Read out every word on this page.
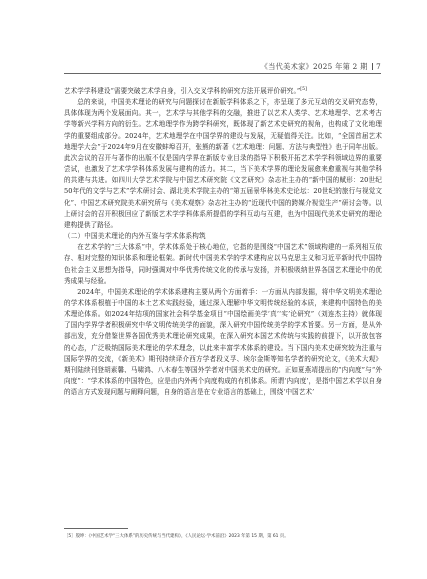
《当代美术家》2025 年第 2 期 7

艺术学学科建设“需要突破艺术学自身，引入交叉学科的研究方法开展评价研究。”[5]

总的来说，中国美术理论的研究与问题探讨在新版学科体系之下，亦呈现了多元互动的交叉研究态势，具体体现为两个发展面向。其一，艺术学与其他学科的交融，推进了以艺术人类学、艺术地理学、艺术考古学等新兴学科方向的衍生。艺术地理学作为跨学科研究，既体现了新艺术史研究的视角，也构成了文化地理学的重要组成部分。2024年，艺术地理学在中国学界的建设与发展，无疑值得关注。比如，“全国首届艺术地理学大会”于2024年9月在安徽蚌埠召开，张熊的新著《艺术地理：问题、方法与典型性》也于同年出版。此次会议的召开与著作的出版不仅是国内学界在新版专业目录的指导下积极开拓艺术学学科领域边界的重要尝试，也激发了艺术学学科体系发展与建构的活力。其二，当下美术学界的理论发展愈来愈重视与其他学科的共建与共进。如四川大学艺术学院与中国艺术研究院《文艺研究》杂志社主办的“新中国的赋形：20世纪50年代的文学与艺术”学术研讨会、湖北美术学院主办的“第五届景华林美术史论坛：20世纪的旅行与视觉文化”、中国艺术研究院美术研究所与《美术观察》杂志社主办的“近现代中国的跨媒介视觉生产”研讨会等。以上研讨会的召开积极回应了新版艺术学学科体系所提倡的学科互动与互建，也为中国现代美术史研究的理论建构提供了路径。

（二）中国美术理论的内外互鉴与学术体系构筑

在艺术学的“三大体系”中，学术体系处于核心地位，它指的是围绕“中国艺术”领域构建的一系列相互依存、相对完整的知识体系和理论框架。新时代中国美术学的学术建构应以马克思主义和习近平新时代中国特色社会主义思想为指导，同时强调对中华优秀传统文化的传承与发扬，并积极吸纳世界各国艺术理论中的优秀成果与经验。

2024年，中国美术理论的学术体系建构主要从两个方面着手：一方面从内部发掘，将中华文明美术理论的学术体系根植于中国的本土艺术实践经验，通过深入理解中华文明传统经验的本质，来建构中国特色的美术理论体系。如2024年结项的国家社会科学基金项目“中国绘画美学‘真’‘实’论研究”（刘连杰主持）就体现了国内学界学者积极研究中华文明传统美学的面貌，深入研究中国传统美学的学术旨要。另一方面，是从外部出发，充分借鉴世界各国优秀美术理论研究成果，在深入研究本国艺术传统与实践的前提下，以开放包容的心态，广泛吸纳国际美术理论的学术理念，以此来丰富学术体系的建设。当下国内美术史研究较为注重与国际学界的交流，《新美术》期刊持续译介西方学者段义孚、埃尔金斯等知名学者的研究论文，《美术大观》期刊陆续刊登胡素馨、马啸鸿、八木春生等国外学者对中国美术史的研究。正如夏燕靖提出的“内向度”与“外向度”：“学术体系的中国特色，应是由内外两个向度构成的有机体系。所谓‘内向度’，是指中国艺术学以自身的语言方式发现问题与阐释问题，自身的语言是在专业语言的基础上，围绕‘中国艺术’

［5］殷坤：《中国艺术学“三大体系”的历史传统与当代建构》，《人民论坛·学术前沿》2023 年第 15 期，第 61 页。
